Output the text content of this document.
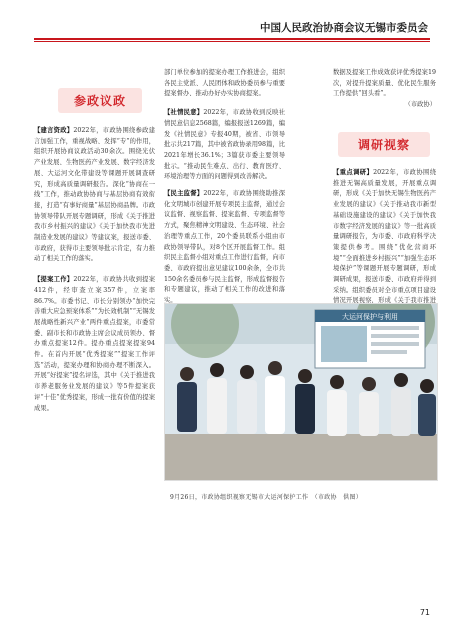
中国人民政治协商会议无锡市委员会
参政议政

【建言资政】2022年，市政协围绕参政建言加强工作，重视战略、发挥“专”的作用，组织开展协商议政活动30余次。围绕光伏产业发展、生物医药产业发展、数字经济发展、大运河文化带建设等课题开展调查研究，形成高质量调研报告。深化“协商在一线”工作，推动政协协商与基层协商有效衔接，打造“有事好商量”基层协商品牌。市政协领导带队开展专题调研，形成《关于推进我市乡村振兴的建议》《关于加快我市先进制造业发展的建议》等建议案，报送市委、市政府，获得市主要领导批示肯定，有力推动了相关工作的落实。

【提案工作】2022年，市政协共收到提案412件，经审查立案357件，立案率86.7%。市委书记、市长分别领办“加快完善重大应急预案体系”“为长效机制”“无锡发展战略性新兴产业”两件重点提案，市委常委、副市长和市政协主席会议成员领办、督办重点提案12件。提办重点提案提案94件。在首内开展“优秀提案”“提案工作评选”活动，提案办理和协商办理不断深入。开展“好提案”提名评选，其中《关于推进我市养老服务业发展的建议》等5件提案获评“十佳”优秀提案，形成一批有价值的提案成果。

部门单位参加的提案办理工作推进会，组织各民主党派、人民团体和政协委员参与重要提案督办、推动办好办实协商提案。

【社情民意】2022年，市政协收到反映社情民意信息2568篇，编报报送1269篇，编发《社情民意》专报40期，被省、市领导批示共217篇，其中被省政协录用98篇，比2021年增长36.1%；3篇获市委主要领导批示。“推动民生难点、出行、教育医疗、环境治理等方面的问题得到改善解决。

【民主监督】2022年，市政协围绕助推深化文明城市创建开展专项民主监督，通过会议监督、视察监督、提案监督、专项监督等方式，聚焦精神文明建设、生态环境、社会治理等重点工作，20个委员联系小组由市政协领导带队，对8个区开展监督工作。组织民主监督小组对重点工作进行监督，向市委、市政府提出意见建议100余条，全市共150余名委员参与民主监督，形成监督报告和专题建议，推动了相关工作的改进和落实。

数据及提案工作成效获评优秀提案19次，对提升提案质量、优化民生服务工作提供“回头看”。

（市政协）

调研视察

【重点调研】2022年，市政协围绕推进无锡高质量发展，开展重点调研，形成《关于加快无锡生物医药产业发展的建议》《关于推动我市新型基础设施建设的建议》《关于加快我市数字经济发展的建议》等一批高质量调研报告，为市委、市政府科学决策提供参考。围绕“优化营商环境”“全面推进乡村振兴”“加强生态环境保护”等课题开展专题调研，形成调研成果，报送市委、市政府并得到采纳。组织委员对全市重点项目建设情况开展视察，形成《关于我市推进

大运河保护与利用
9月26日，市政协组织视察无锡市大运河保护工作　（市政协　供图）
71
